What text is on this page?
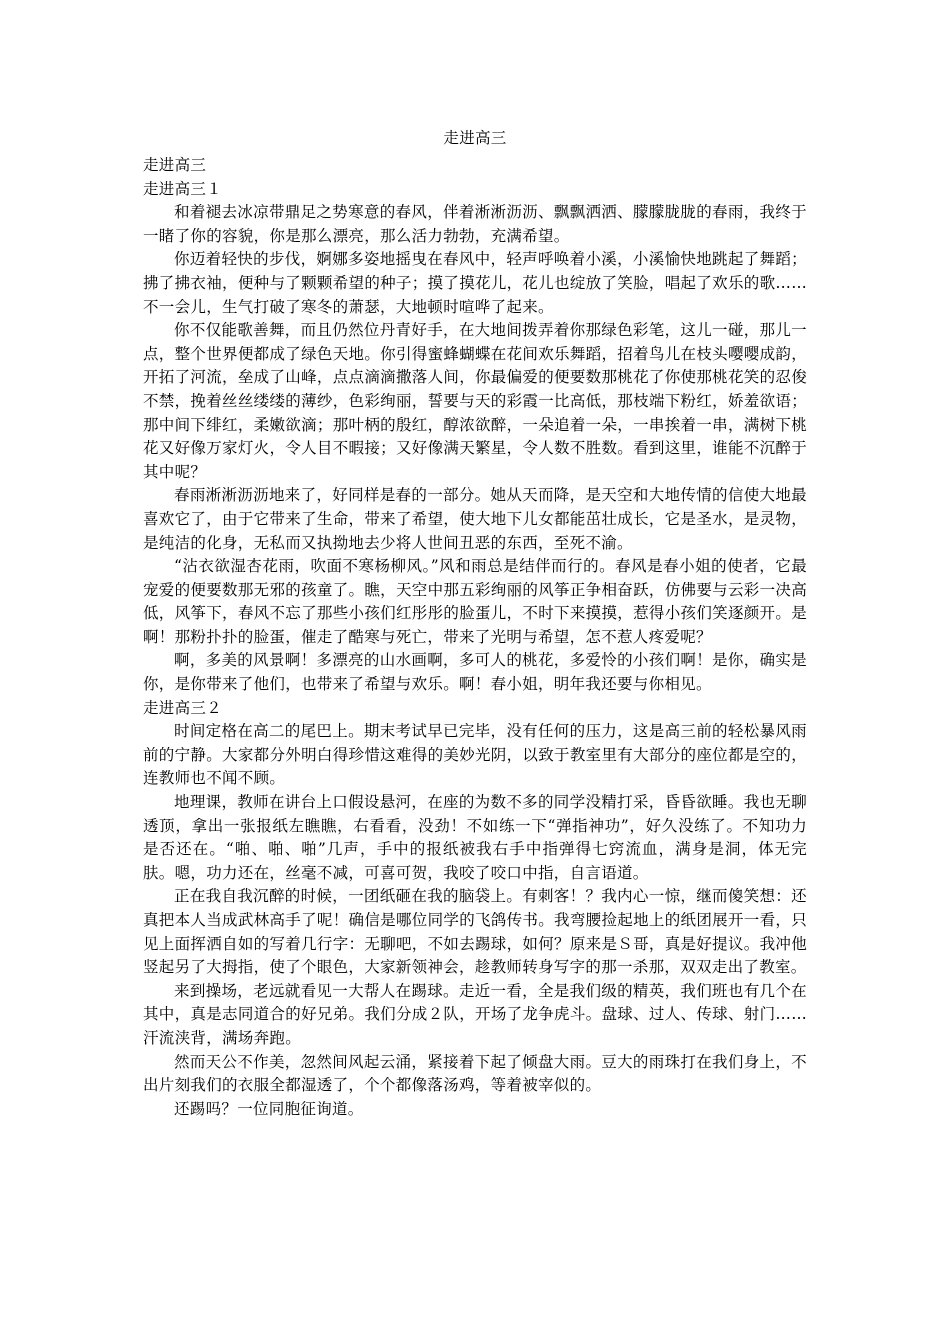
走进高三
走进高三
走进高三１

和着褪去冰凉带鼎足之势寒意的春风，伴着淅淅沥沥、飘飘洒洒、朦朦胧胧的春雨，我终于一睹了你的容貌，你是那么漂亮，那么活力勃勃，充满希望。

你迈着轻快的步伐，婀娜多姿地摇曳在春风中，轻声呼唤着小溪，小溪愉快地跳起了舞蹈；拂了拂衣袖，便种与了颗颗希望的种子；摸了摸花儿，花儿也绽放了笑脸，唱起了欢乐的歌……不一会儿，生气打破了寒冬的萧瑟，大地顿时喧哗了起来。

你不仅能歌善舞，而且仍然位丹青好手，在大地间拨弄着你那绿色彩笔，这儿一碰，那儿一点，整个世界便都成了绿色天地。你引得蜜蜂蝴蝶在花间欢乐舞蹈，招着鸟儿在枝头嘤嘤成韵，开拓了河流，垒成了山峰，点点滴滴撒落人间，你最偏爱的便要数那桃花了你使那桃花笑的忍俊不禁，挽着丝丝缕缕的薄纱，色彩绚丽，誓要与天的彩霞一比高低，那枝端下粉红，娇羞欲语；那中间下绯红，柔嫩欲滴；那叶柄的殷红，醇浓欲醉，一朵追着一朵，一串挨着一串，满树下桃花又好像万家灯火，令人目不暇接；又好像满天繁星，令人数不胜数。看到这里，谁能不沉醉于其中呢？

春雨淅淅沥沥地来了，好同样是春的一部分。她从天而降，是天空和大地传情的信使大地最喜欢它了，由于它带来了生命，带来了希望，使大地下儿女都能茁壮成长，它是圣水，是灵物，是纯洁的化身，无私而又执拗地去少将人世间丑恶的东西，至死不渝。

“沾衣欲湿杏花雨，吹面不寒杨柳风。”风和雨总是结伴而行的。春风是春小姐的使者，它最宠爱的便要数那无邪的孩童了。瞧，天空中那五彩绚丽的风筝正争相奋跃，仿佛要与云彩一决高低，风筝下，春风不忘了那些小孩们红彤彤的脸蛋儿，不时下来摸摸，惹得小孩们笑逐颜开。是啊！那粉扑扑的脸蛋，催走了酷寒与死亡，带来了光明与希望，怎不惹人疼爱呢？

啊，多美的风景啊！多漂亮的山水画啊，多可人的桃花，多爱怜的小孩们啊！是你，确实是你，是你带来了他们，也带来了希望与欢乐。啊！春小姐，明年我还要与你相见。

走进高三２

时间定格在高二的尾巴上。期末考试早已完毕，没有任何的压力，这是高三前的轻松暴风雨前的宁静。大家都分外明白得珍惜这难得的美妙光阴，以致于教室里有大部分的座位都是空的，连教师也不闻不顾。

地理课，教师在讲台上口假设悬河，在座的为数不多的同学没精打采，昏昏欲睡。我也无聊透顶，拿出一张报纸左瞧瞧，右看看，没劲！不如练一下“弹指神功”，好久没练了。不知功力是否还在。“啪、啪、啪”几声，手中的报纸被我右手中指弹得七窍流血，满身是洞，体无完肤。嗯，功力还在，丝毫不减，可喜可贺，我咬了咬口中指，自言语道。

正在我自我沉醉的时候，一团纸砸在我的脑袋上。有刺客！？我内心一惊，继而傻笑想：还真把本人当成武林高手了呢！确信是哪位同学的飞鸽传书。我弯腰捡起地上的纸团展开一看，只见上面挥洒自如的写着几行字：无聊吧，不如去踢球，如何？原来是Ｓ哥，真是好提议。我冲他竖起另了大拇指，使了个眼色，大家新领神会，趁教师转身写字的那一杀那，双双走出了教室。

来到操场，老远就看见一大帮人在踢球。走近一看，全是我们级的精英，我们班也有几个在其中，真是志同道合的好兄弟。我们分成２队，开场了龙争虎斗。盘球、过人、传球、射门……汗流浃背，满场奔跑。

然而天公不作美，忽然间风起云涌，紧接着下起了倾盘大雨。豆大的雨珠打在我们身上，不出片刻我们的衣服全都湿透了，个个都像落汤鸡，等着被宰似的。

还踢吗？一位同胞征询道。
